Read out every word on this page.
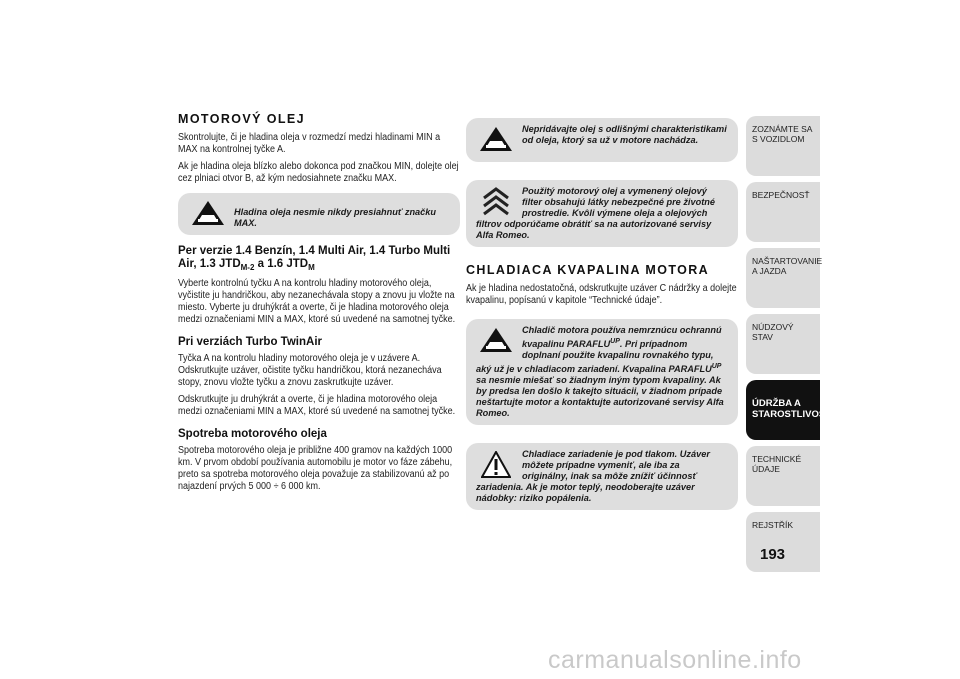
MOTOROVÝ OLEJ

Skontrolujte, či je hladina oleja v rozmedzí medzi hladinami MIN a MAX na kontrolnej tyčke A.

Ak je hladina oleja blízko alebo dokonca pod značkou MIN, dolejte olej cez plniaci otvor B, až kým nedosiahnete značku MAX.

Hladina oleja nesmie nikdy presiahnuť značku MAX.
Per verzie 1.4 Benzín, 1.4 Multi Air, 1.4 Turbo Multi Air, 1.3 $JTD_{M-2}$ a 1.6 $JTD_M$

Vyberte kontrolnú tyčku A na kontrolu hladiny motorového oleja, vyčistite ju handričkou, aby nezanechávala stopy a znovu ju vložte na miesto. Vyberte ju druhýkrát a overte, či je hladina motorového oleja medzi označeniami MIN a MAX, ktoré sú uvedené na samotnej tyčke.

Pri verziách Turbo TwinAir

Tyčka A na kontrolu hladiny motorového oleja je v uzávere A. Odskrutkujte uzáver, očistite tyčku handričkou, ktorá nezanecháva stopy, znovu vložte tyčku a znovu zaskrutkujte uzáver.

Odskrutkujte ju druhýkrát a overte, či je hladina motorového oleja medzi označeniami MIN a MAX, ktoré sú uvedené na samotnej tyčke.

Spotreba motorového oleja

Spotreba motorového oleja je približne 400 gramov na každých 1000 km. V prvom období používania automobilu je motor vo fáze zábehu, preto sa spotreba motorového oleja považuje za stabilizovanú až po najazdení prvých 5 000 ÷ 6 000 km.

Nepridávajte olej s odlišnými charakteristikami od oleja, ktorý sa už v motore nachádza.
Použitý motorový olej a vymenený olejový filter obsahujú látky nebezpečné pre životné prostredie. Kvôli výmene oleja a olejových filtrov odporúčame obrátiť sa na autorizované servisy Alfa Romeo.
CHLADIACA KVAPALINA MOTORA

Ak je hladina nedostatočná, odskrutkujte uzáver C nádržky a dolejte kvapalinu, popísanú v kapitole “Technické údaje”.

Chladič motora používa nemrznúcu ochrannú kvapalinu $PARAFLU^{UP}$. Pri prípadnom doplnaní použite kvapalinu rovnakého typu, aký už je v chladiacom zariadení. Kvapalina $PARAFLU^{UP}$ sa nesmie miešať so žiadnym iným typom kvapaliny. Ak by predsa len došlo k takejto situácii, v žiadnom prípade neštartujte motor a kontaktujte autorizované servisy Alfa Romeo.
Chladiace zariadenie je pod tlakom. Uzáver môžete prípadne vymeniť, ale iba za originálny, inak sa môže znížiť účinnosť zariadenia. Ak je motor teplý, neodoberajte uzáver nádobky: riziko popálenia.
ZOZNÁMTE SA S VOZIDLOM
BEZPEČNOSŤ
NAŠTARTOVANIE A JAZDA
NÚDZOVÝ STAV
ÚDRŽBA A STAROSTLIVOSŤ
TECHNICKÉ ÚDAJE
REJSTŘÍK
193
carmanualsonline.info
